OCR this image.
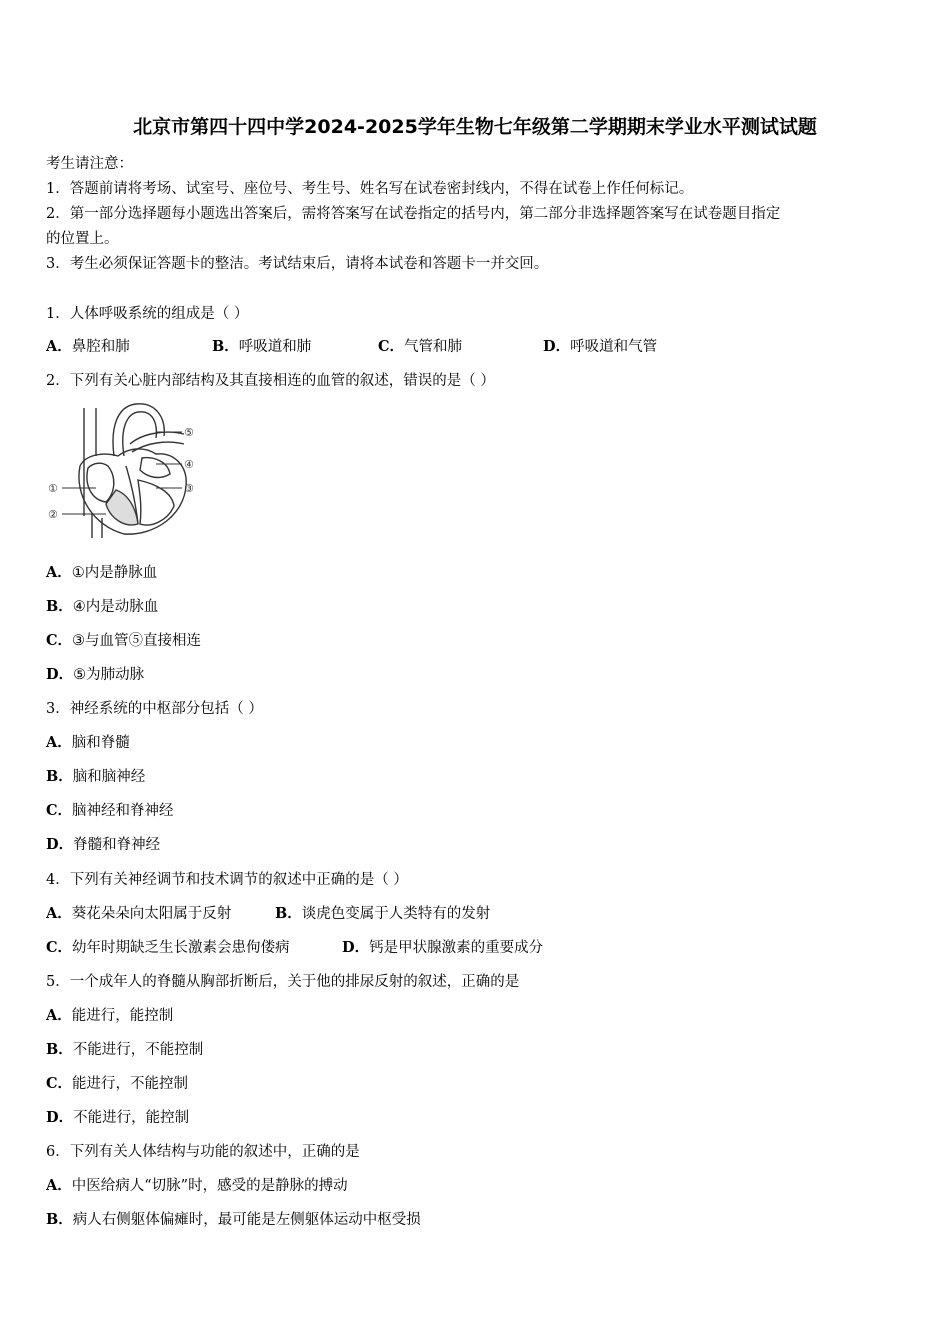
北京市第四十四中学2024-2025学年生物七年级第二学期期末学业水平测试试题
考生请注意：
1．答题前请将考场、试室号、座位号、考生号、姓名写在试卷密封线内，不得在试卷上作任何标记。
2．第一部分选择题每小题选出答案后，需将答案写在试卷指定的括号内，第二部分非选择题答案写在试卷题目指定
的位置上。
3．考生必须保证答题卡的整洁。考试结束后，请将本试卷和答题卡一并交回。
1．人体呼吸系统的组成是（ ）
A．鼻腔和肺	B．呼吸道和肺	C．气管和肺	D．呼吸道和气管
2．下列有关心脏内部结构及其直接相连的血管的叙述，错误的是（ ）
⑤
④
③
①
②
A．①内是静脉血
B．④内是动脉血
C．③与血管⑤直接相连
D．⑤为肺动脉
3．神经系统的中枢部分包括（ ）
A．脑和脊髓
B．脑和脑神经
C．脑神经和脊神经
D．脊髓和脊神经
4．下列有关神经调节和技术调节的叙述中正确的是（ ）
A．葵花朵朵向太阳属于反射	B．谈虎色变属于人类特有的发射
C．幼年时期缺乏生长激素会患佝偻病	D．钙是甲状腺激素的重要成分
5．一个成年人的脊髓从胸部折断后，关于他的排尿反射的叙述，正确的是
A．能进行，能控制
B．不能进行，不能控制
C．能进行，不能控制
D．不能进行，能控制
6．下列有关人体结构与功能的叙述中，正确的是
A．中医给病人“切脉”时，感受的是静脉的搏动
B．病人右侧躯体偏瘫时，最可能是左侧躯体运动中枢受损
